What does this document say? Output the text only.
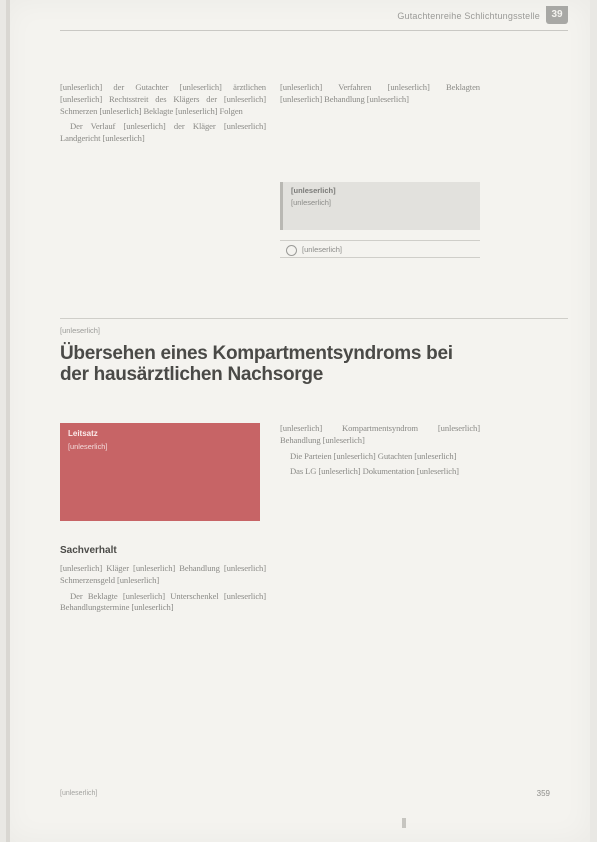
Gutachtenreihe Schlichtungsstelle	39

[unleserlich] der Gutachter [unleserlich] ärztlichen [unleserlich] Rechtsstreit des Klägers der [unleserlich] Schmerzen [unleserlich] Beklagte [unleserlich] Folgen

Der Verlauf [unleserlich] der Kläger [unleserlich] Landgericht [unleserlich]

[unleserlich] Verfahren [unleserlich] Beklagten [unleserlich] Behandlung [unleserlich]

[unleserlich]
[unleserlich]
[unleserlich]
[unleserlich]
Übersehen eines Kompartmentsyndroms bei der hausärztlichen Nachsorge
Leitsatz
[unleserlich]
Sachverhalt

[unleserlich] Kläger [unleserlich] Behandlung [unleserlich] Schmerzensgeld [unleserlich]

Der Beklagte [unleserlich] Unterschenkel [unleserlich] Behandlungstermine [unleserlich]

[unleserlich] Kompartmentsyndrom [unleserlich] Behandlung [unleserlich]

Die Parteien [unleserlich] Gutachten [unleserlich]

Das LG [unleserlich] Dokumentation [unleserlich]

[unleserlich]	359
